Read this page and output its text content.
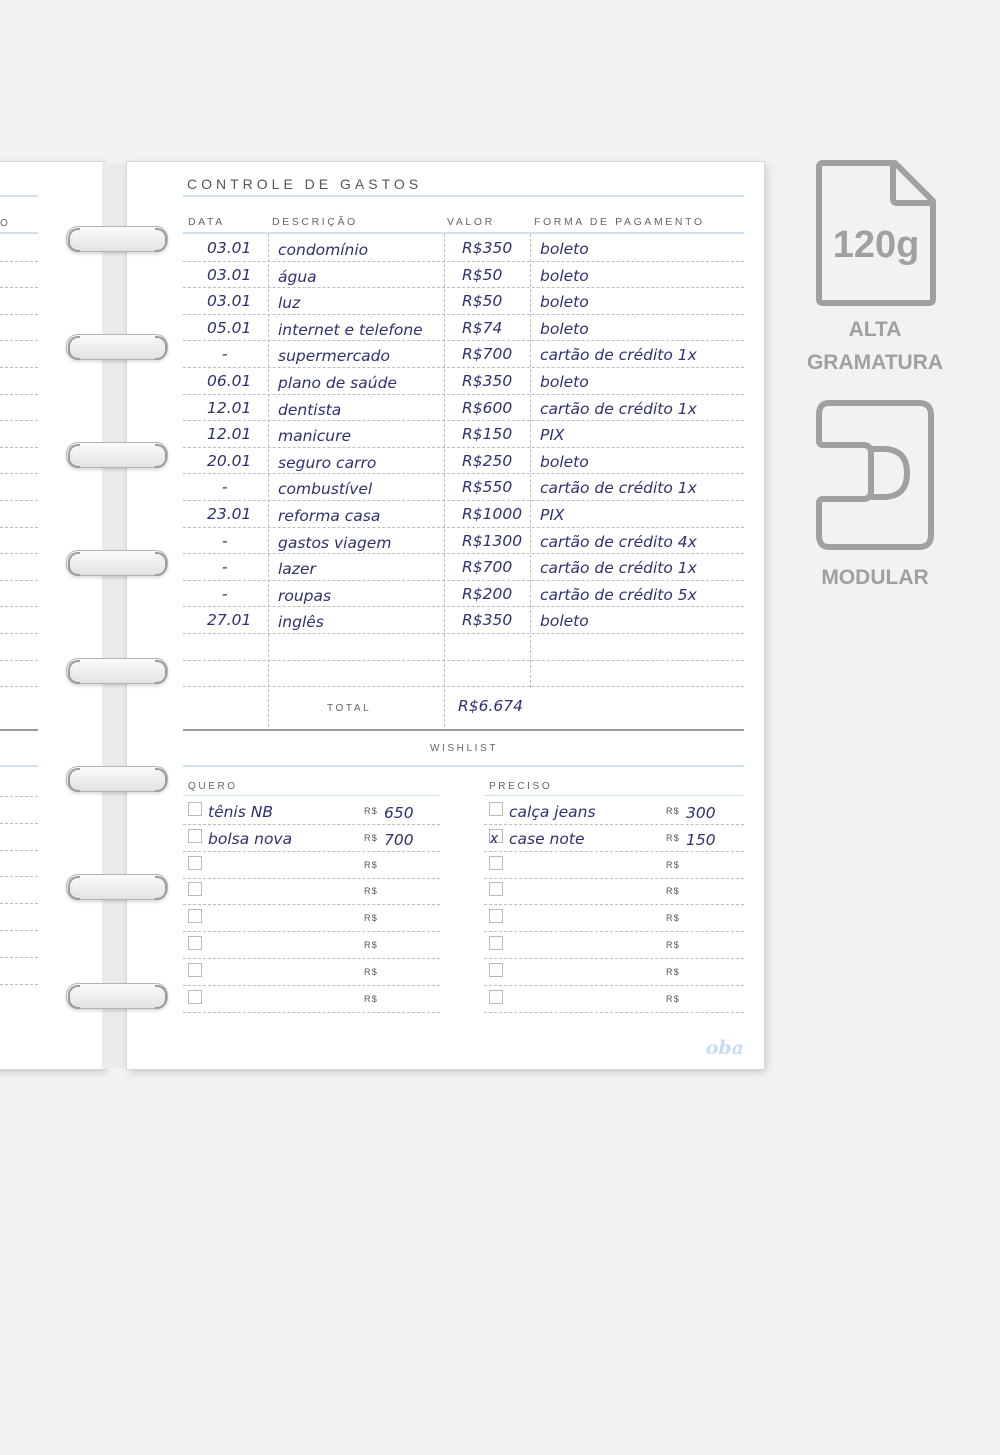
O
CONTROLE DE GASTOS
DATA	DESCRIÇÃO	VALOR	FORMA DE PAGAMENTO
03.01 condomínio	R$350 boleto
03.01 água	R$50 boleto
03.01 luz	R$50 boleto
05.01 internet e telefone	R$74 boleto
-	supermercado	R$700 cartão de crédito 1x
06.01 plano de saúde	R$350 boleto
12.01 dentista	R$600 cartão de crédito 1x
12.01 manicure	R$150 PIX
20.01 seguro carro	R$250 boleto
-	combustível	R$550 cartão de crédito 1x
23.01 reforma casa	R$1000 PIX
-	gastos viagem	R$1300 cartão de crédito 4x
-	lazer	R$700 cartão de crédito 1x
-	roupas	R$200 cartão de crédito 5x
27.01 inglês	R$350 boleto
TOTAL	R$6.674
WISHLIST
QUERO	PRECISO
tênis NB	R$ 650
bolsa nova	R$ 700
R$
R$
R$
R$
R$
R$
calça jeans	R$ 300
x case note	R$ 150
R$
R$
R$
R$
R$
R$
oba
120g
ALTA
GRAMATURA
MODULAR
